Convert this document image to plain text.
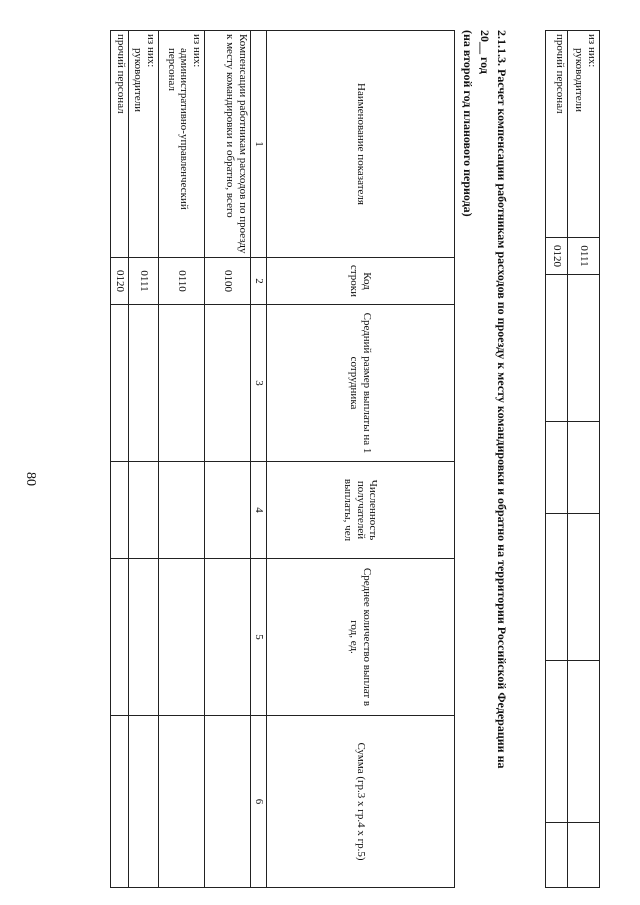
80
из них:
руководители	0111					
прочий персонал	0120					
2.1.1.3. Расчет компенсации работникам расходов по проезду к месту командировки и обратно на территории Российской Федерации на 20__ год
(на второй год планового периода)
Наименование показателя	Код строки	Средний размер выплаты на 1 сотрудника	Численность получателей выплаты, чел	Среднее количество выплат в год, ед.	Сумма (гр.3 x гр.4 x гр.5)
1	2	3	4	5	6
Компенсации работникам расходов по проезду к месту командировки и обратно, всего	0100				

из них:
административно-управленческий персонал	0110				

из них:
руководители	0111				
прочий персонал	0120				
